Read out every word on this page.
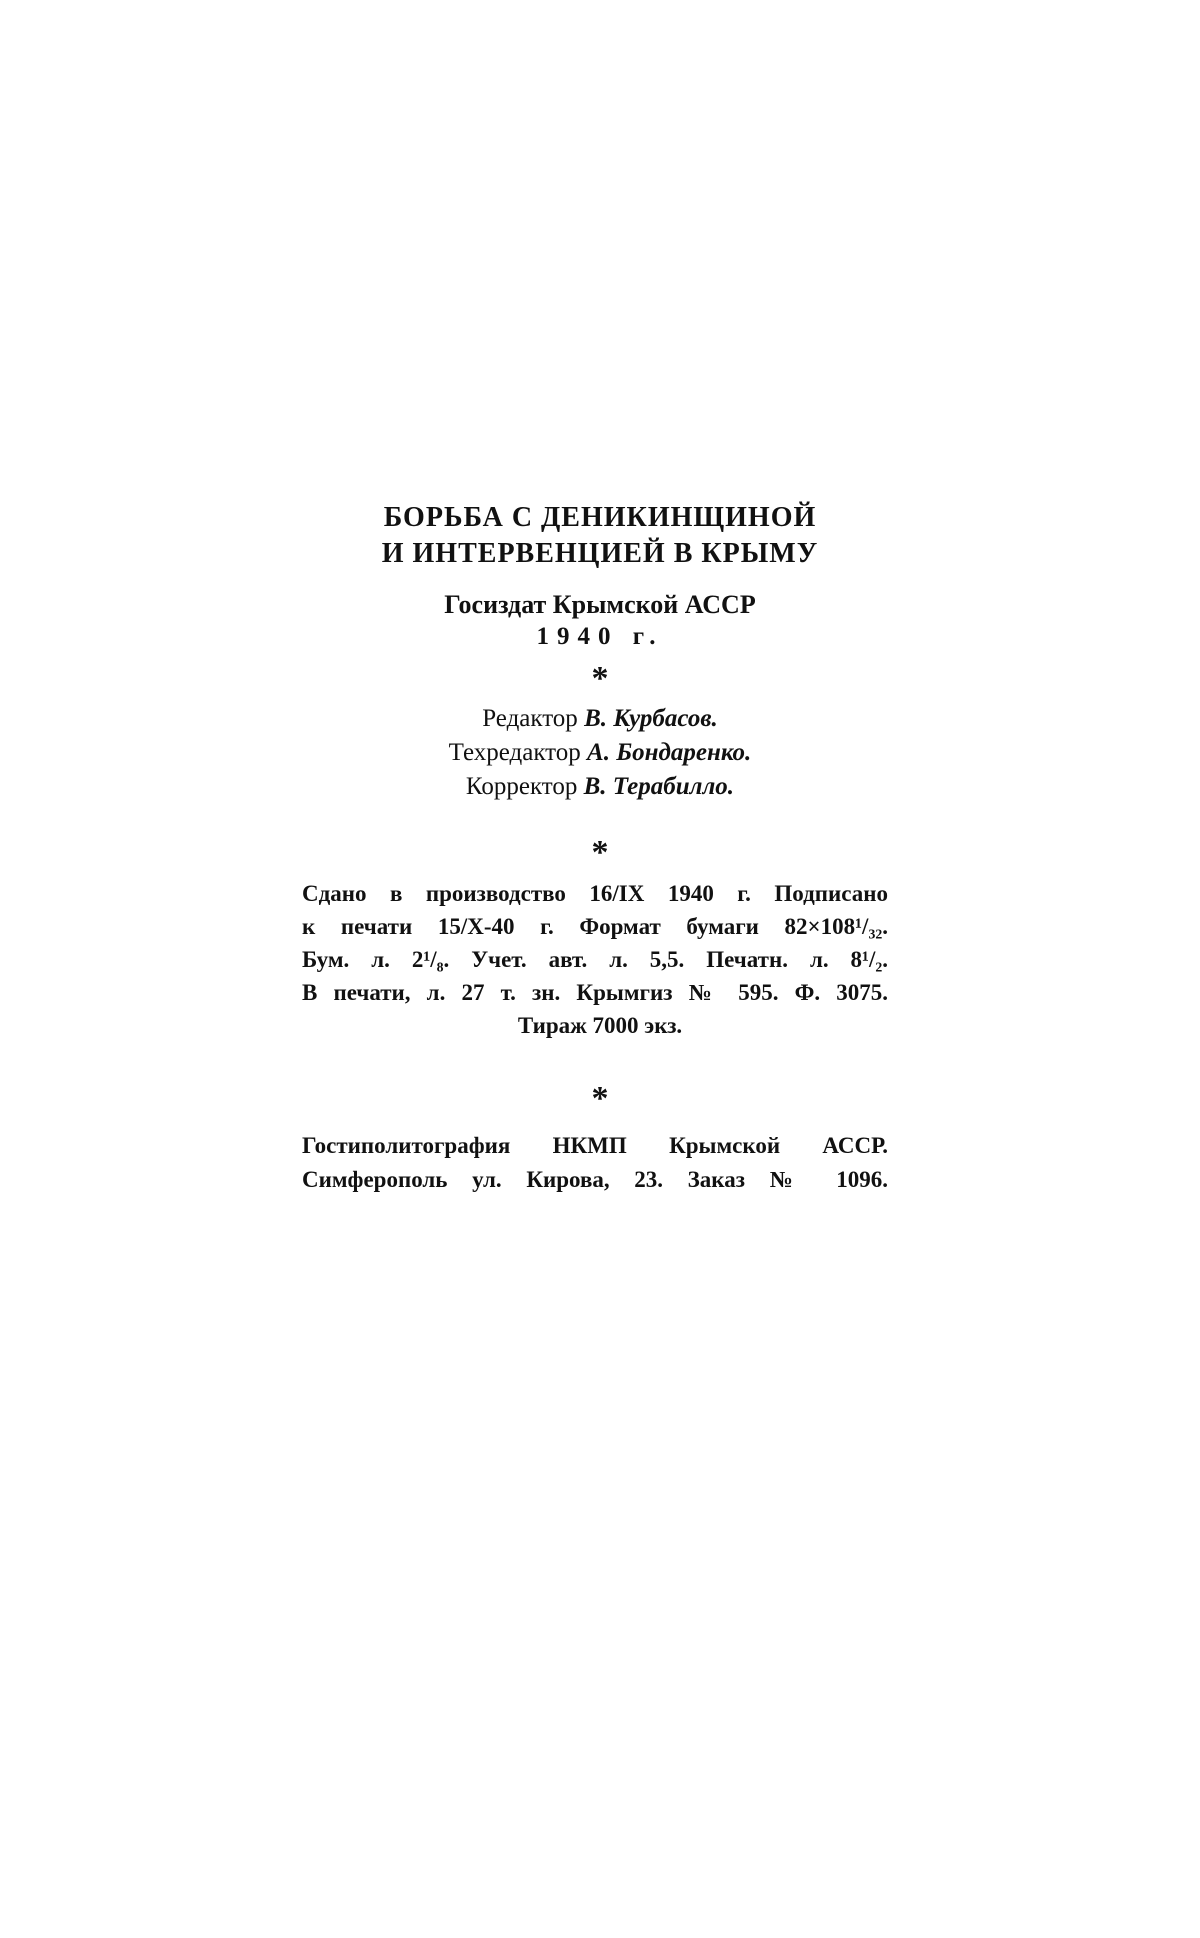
БОРЬБА С ДЕНИКИНЩИНОЙ
И ИНТЕРВЕНЦИЕЙ В КРЫМУ
Госиздат Крымской АССР
1940 г.
*
Редактор В. Курбасов.
Техредактор А. Бондаренко.
Корректор В. Терабилло.
*
Сдано в производство 16/IX 1940 г. Подписано
к печати 15/X-40 г. Формат бумаги 82×108¹/₃₂.
Бум. л. 2¹/₈. Учет. авт. л. 5,5. Печатн. л. 8¹/₂.
В печати, л. 27 т. зн. Крымгиз № 595. Ф. 3075.
Тираж 7000 экз.
*
Гостиполитография НКМП Крымской АССР.
Симферополь ул. Кирова, 23. Заказ № 1096.
